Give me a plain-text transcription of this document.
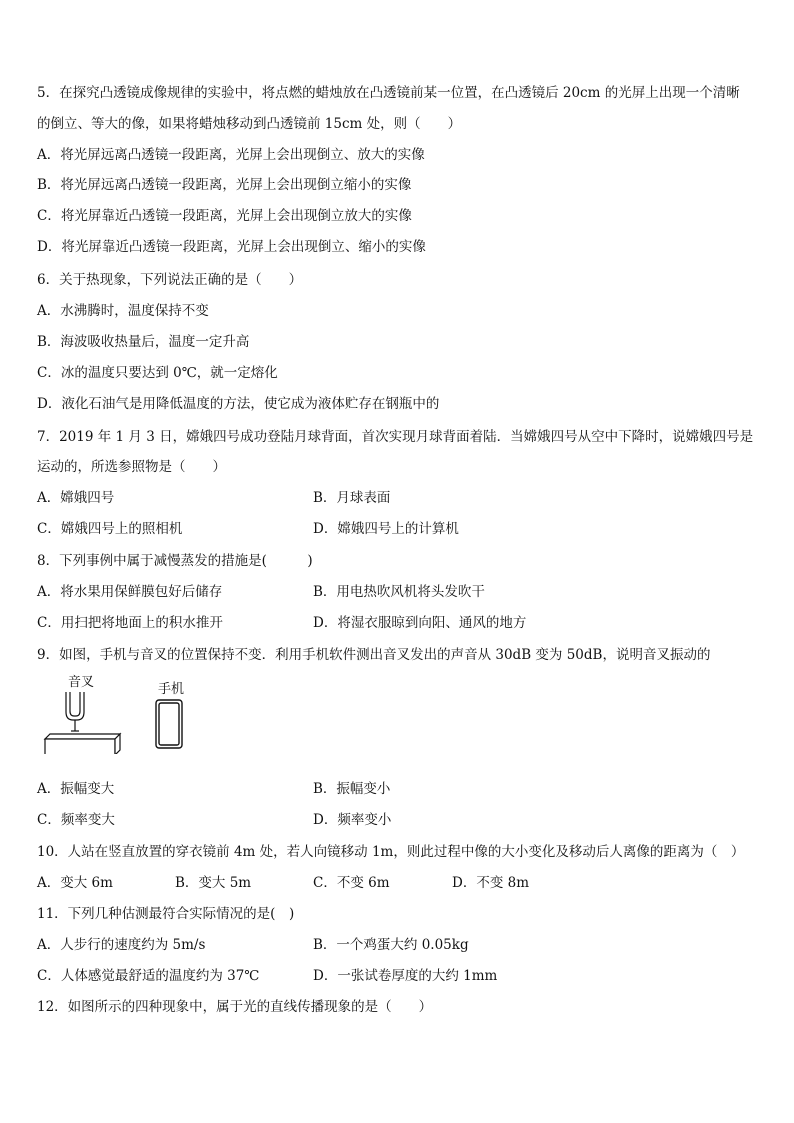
5．在探究凸透镜成像规律的实验中，将点燃的蜡烛放在凸透镜前某一位置，在凸透镜后 20cm 的光屏上出现一个清晰
的倒立、等大的像，如果将蜡烛移动到凸透镜前 15cm 处，则（　　）
A．将光屏远离凸透镜一段距离，光屏上会出现倒立、放大的实像
B．将光屏远离凸透镜一段距离，光屏上会出现倒立缩小的实像
C．将光屏靠近凸透镜一段距离，光屏上会出现倒立放大的实像
D．将光屏靠近凸透镜一段距离，光屏上会出现倒立、缩小的实像
6．关于热现象，下列说法正确的是（　　）
A．水沸腾时，温度保持不变
B．海波吸收热量后，温度一定升高
C．冰的温度只要达到 0℃，就一定熔化
D．液化石油气是用降低温度的方法，使它成为液体贮存在钢瓶中的
7．2019 年 1 月 3 日，嫦娥四号成功登陆月球背面，首次实现月球背面着陆．当嫦娥四号从空中下降时，说嫦娥四号是
运动的，所选参照物是（　　）
A．嫦娥四号	B．月球表面
C．嫦娥四号上的照相机	D．嫦娥四号上的计算机
8．下列事例中属于减慢蒸发的措施是(　　　)
A．将水果用保鲜膜包好后储存	B．用电热吹风机将头发吹干
C．用扫把将地面上的积水推开	D．将湿衣服晾到向阳、通风的地方
9．如图，手机与音叉的位置保持不变．利用手机软件测出音叉发出的声音从 30dB 变为 50dB，说明音叉振动的
音叉	手机
A．振幅变大	B．振幅变小
C．频率变大	D．频率变小
10．人站在竖直放置的穿衣镜前 4m 处，若人向镜移动 1m，则此过程中像的大小变化及移动后人离像的距离为（　）
A．变大 6m	B．变大 5m	C．不变 6m	D．不变 8m
11．下列几种估测最符合实际情况的是(　)
A．人步行的速度约为 5m/s	B．一个鸡蛋大约 0.05kg
C．人体感觉最舒适的温度约为 37℃	D．一张试卷厚度的大约 1mm
12．如图所示的四种现象中，属于光的直线传播现象的是（　　）
